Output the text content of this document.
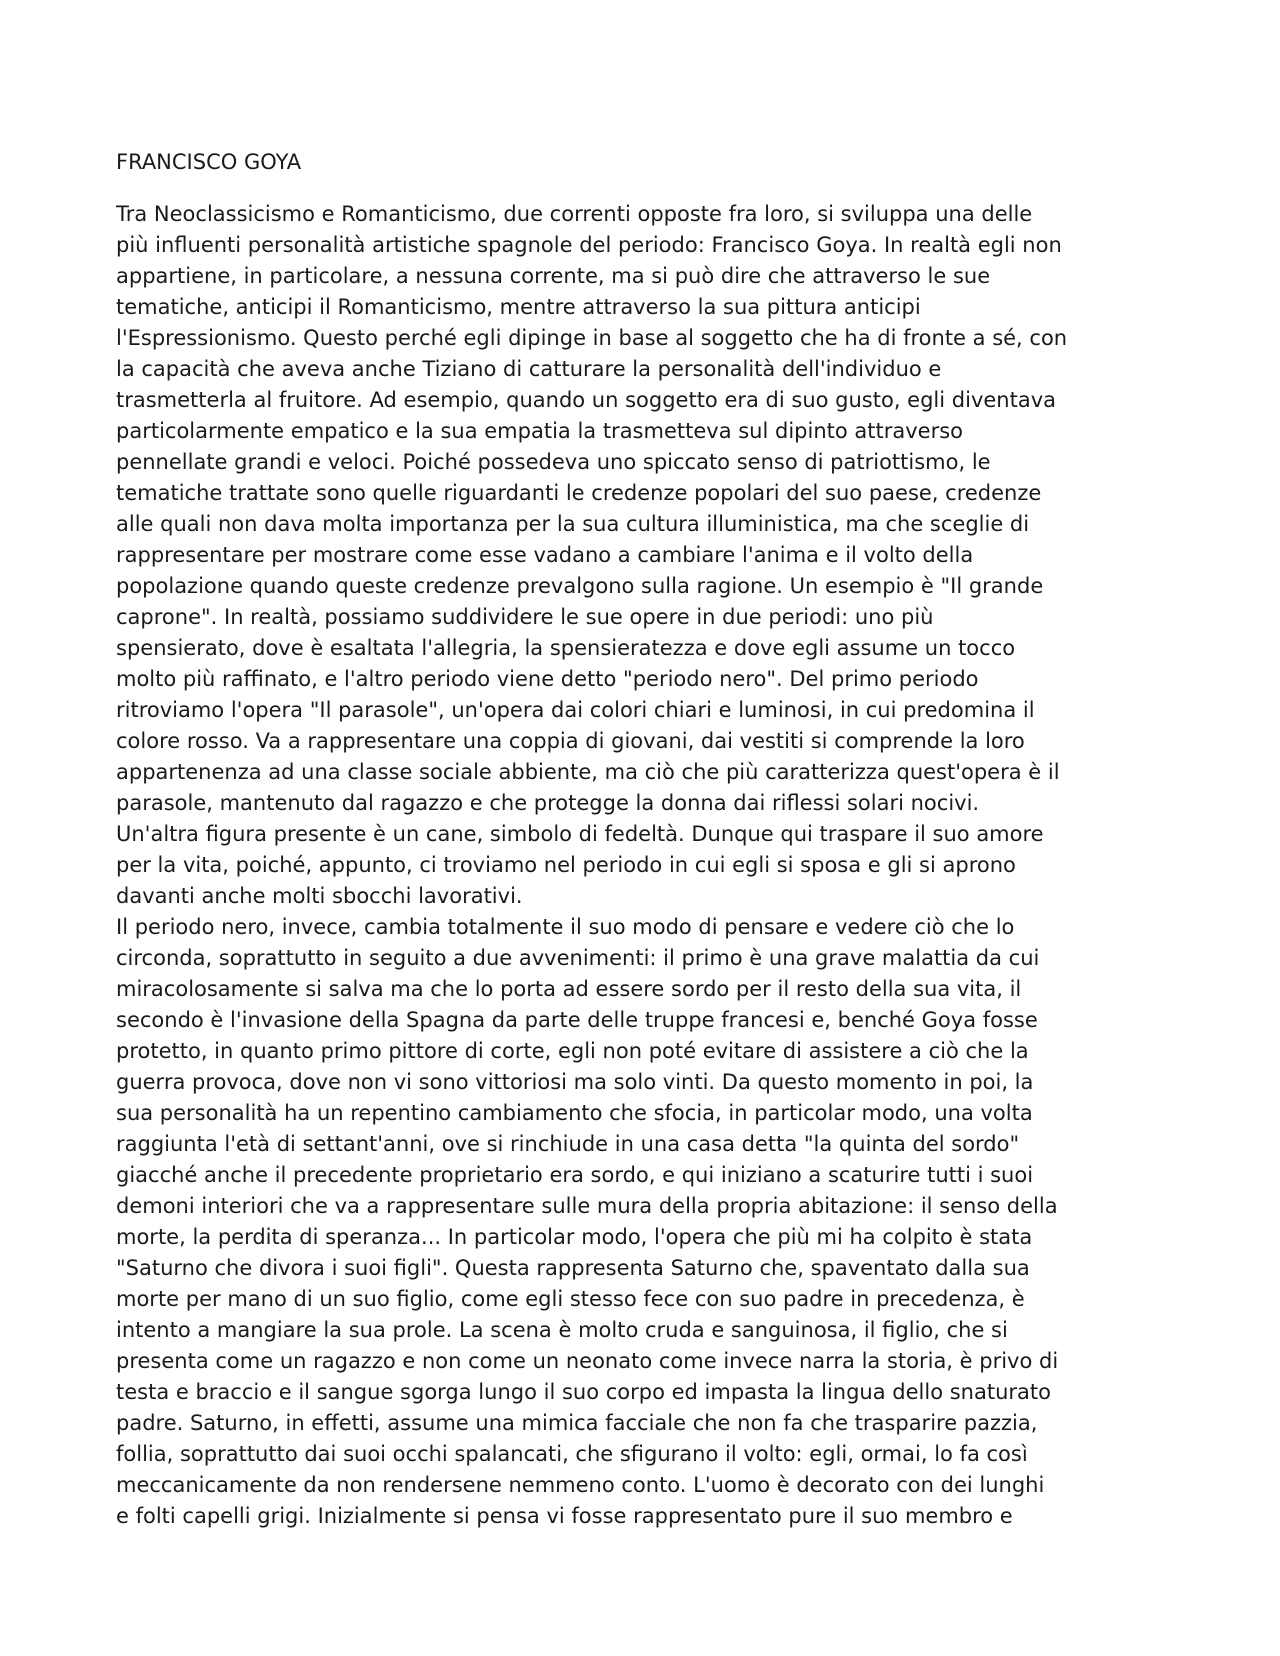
FRANCISCO GOYA
Tra Neoclassicismo e Romanticismo, due correnti opposte fra loro, si sviluppa una delle
più influenti personalità artistiche spagnole del periodo: Francisco Goya. In realtà egli non
appartiene, in particolare, a nessuna corrente, ma si può dire che attraverso le sue
tematiche, anticipi il Romanticismo, mentre attraverso la sua pittura anticipi
l'Espressionismo. Questo perché egli dipinge in base al soggetto che ha di fronte a sé, con
la capacità che aveva anche Tiziano di catturare la personalità dell'individuo e
trasmetterla al fruitore. Ad esempio, quando un soggetto era di suo gusto, egli diventava
particolarmente empatico e la sua empatia la trasmetteva sul dipinto attraverso
pennellate grandi e veloci. Poiché possedeva uno spiccato senso di patriottismo, le
tematiche trattate sono quelle riguardanti le credenze popolari del suo paese, credenze
alle quali non dava molta importanza per la sua cultura illuministica, ma che sceglie di
rappresentare per mostrare come esse vadano a cambiare l'anima e il volto della
popolazione quando queste credenze prevalgono sulla ragione. Un esempio è "Il grande
caprone". In realtà, possiamo suddividere le sue opere in due periodi: uno più
spensierato, dove è esaltata l'allegria, la spensieratezza e dove egli assume un tocco
molto più raffinato, e l'altro periodo viene detto "periodo nero". Del primo periodo
ritroviamo l'opera "Il parasole", un'opera dai colori chiari e luminosi, in cui predomina il
colore rosso. Va a rappresentare una coppia di giovani, dai vestiti si comprende la loro
appartenenza ad una classe sociale abbiente, ma ciò che più caratterizza quest'opera è il
parasole, mantenuto dal ragazzo e che protegge la donna dai riflessi solari nocivi.
Un'altra figura presente è un cane, simbolo di fedeltà. Dunque qui traspare il suo amore
per la vita, poiché, appunto, ci troviamo nel periodo in cui egli si sposa e gli si aprono
davanti anche molti sbocchi lavorativi.
Il periodo nero, invece, cambia totalmente il suo modo di pensare e vedere ciò che lo
circonda, soprattutto in seguito a due avvenimenti: il primo è una grave malattia da cui
miracolosamente si salva ma che lo porta ad essere sordo per il resto della sua vita, il
secondo è l'invasione della Spagna da parte delle truppe francesi e, benché Goya fosse
protetto, in quanto primo pittore di corte, egli non poté evitare di assistere a ciò che la
guerra provoca, dove non vi sono vittoriosi ma solo vinti. Da questo momento in poi, la
sua personalità ha un repentino cambiamento che sfocia, in particolar modo, una volta
raggiunta l'età di settant'anni, ove si rinchiude in una casa detta "la quinta del sordo"
giacché anche il precedente proprietario era sordo, e qui iniziano a scaturire tutti i suoi
demoni interiori che va a rappresentare sulle mura della propria abitazione: il senso della
morte, la perdita di speranza... In particolar modo, l'opera che più mi ha colpito è stata
"Saturno che divora i suoi figli". Questa rappresenta Saturno che, spaventato dalla sua
morte per mano di un suo figlio, come egli stesso fece con suo padre in precedenza, è
intento a mangiare la sua prole. La scena è molto cruda e sanguinosa, il figlio, che si
presenta come un ragazzo e non come un neonato come invece narra la storia, è privo di
testa e braccio e il sangue sgorga lungo il suo corpo ed impasta la lingua dello snaturato
padre. Saturno, in effetti, assume una mimica facciale che non fa che trasparire pazzia,
follia, soprattutto dai suoi occhi spalancati, che sfigurano il volto: egli, ormai, lo fa così
meccanicamente da non rendersene nemmeno conto. L'uomo è decorato con dei lunghi
e folti capelli grigi. Inizialmente si pensa vi fosse rappresentato pure il suo membro e
